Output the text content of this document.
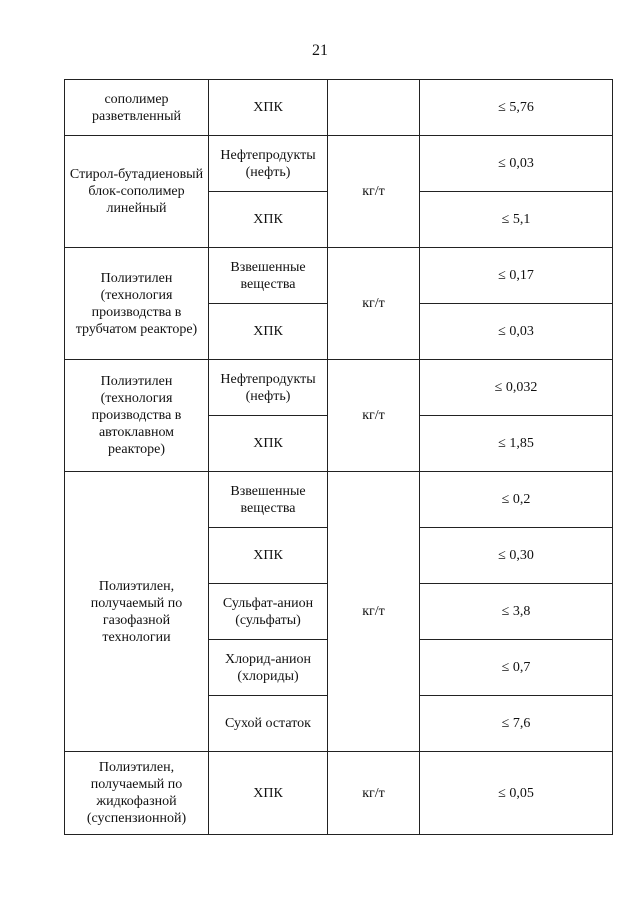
21
сополимер разветвленный	ХПК		≤ 5,76
Стирол-бутадиеновый блок-сополимер линейный	Нефтепродукты (нефть)	кг/т	≤ 0,03
	ХПК		≤ 5,1
Полиэтилен (технология производства в трубчатом реакторе)	Взвешенные вещества	кг/т	≤ 0,17
	ХПК		≤ 0,03
Полиэтилен (технология производства в автоклавном реакторе)	Нефтепродукты (нефть)	кг/т	≤ 0,032
	ХПК		≤ 1,85
Полиэтилен, получаемый по газофазной технологии	Взвешенные вещества	кг/т	≤ 0,2
	ХПК		≤ 0,30
	Сульфат-анион (сульфаты)		≤ 3,8
	Хлорид-анион (хлориды)		≤ 0,7
	Сухой остаток		≤ 7,6
Полиэтилен, получаемый по жидкофазной (суспензионной)	ХПК	кг/т	≤ 0,05
